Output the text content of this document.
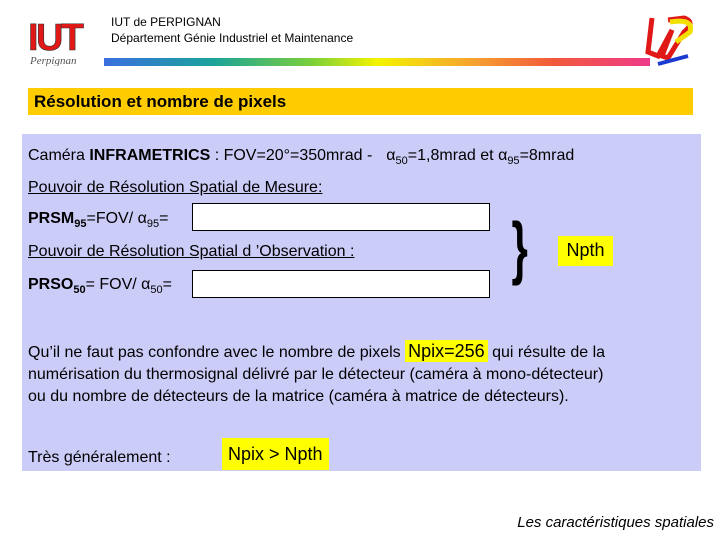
IUT
Perpignan
IUT de PERPIGNAN
Département Génie Industriel et Maintenance
Résolution et nombre de pixels
Caméra INFRAMETRICS : FOV=20°=350mrad - $\alpha_{50}=1,8mrad$ et $\alpha_{95}=8mrad$
Pouvoir de Résolution Spatial de Mesure:
$PRSM_{95}=FOV/$ $\alpha_{95}=$
Pouvoir de Résolution Spatial d ’Observation :
$PRSO_{50}= FOV/$ $\alpha_{50}=$	}	Npth
Qu’il ne faut pas confondre avec le nombre de pixels Npix=256 qui résulte de la
numérisation du thermosignal délivré par le détecteur (caméra à mono-détecteur)
ou du nombre de détecteurs de la matrice (caméra à matrice de détecteurs).
Très généralement :	Npix > Npth
Les caractéristiques spatiales
